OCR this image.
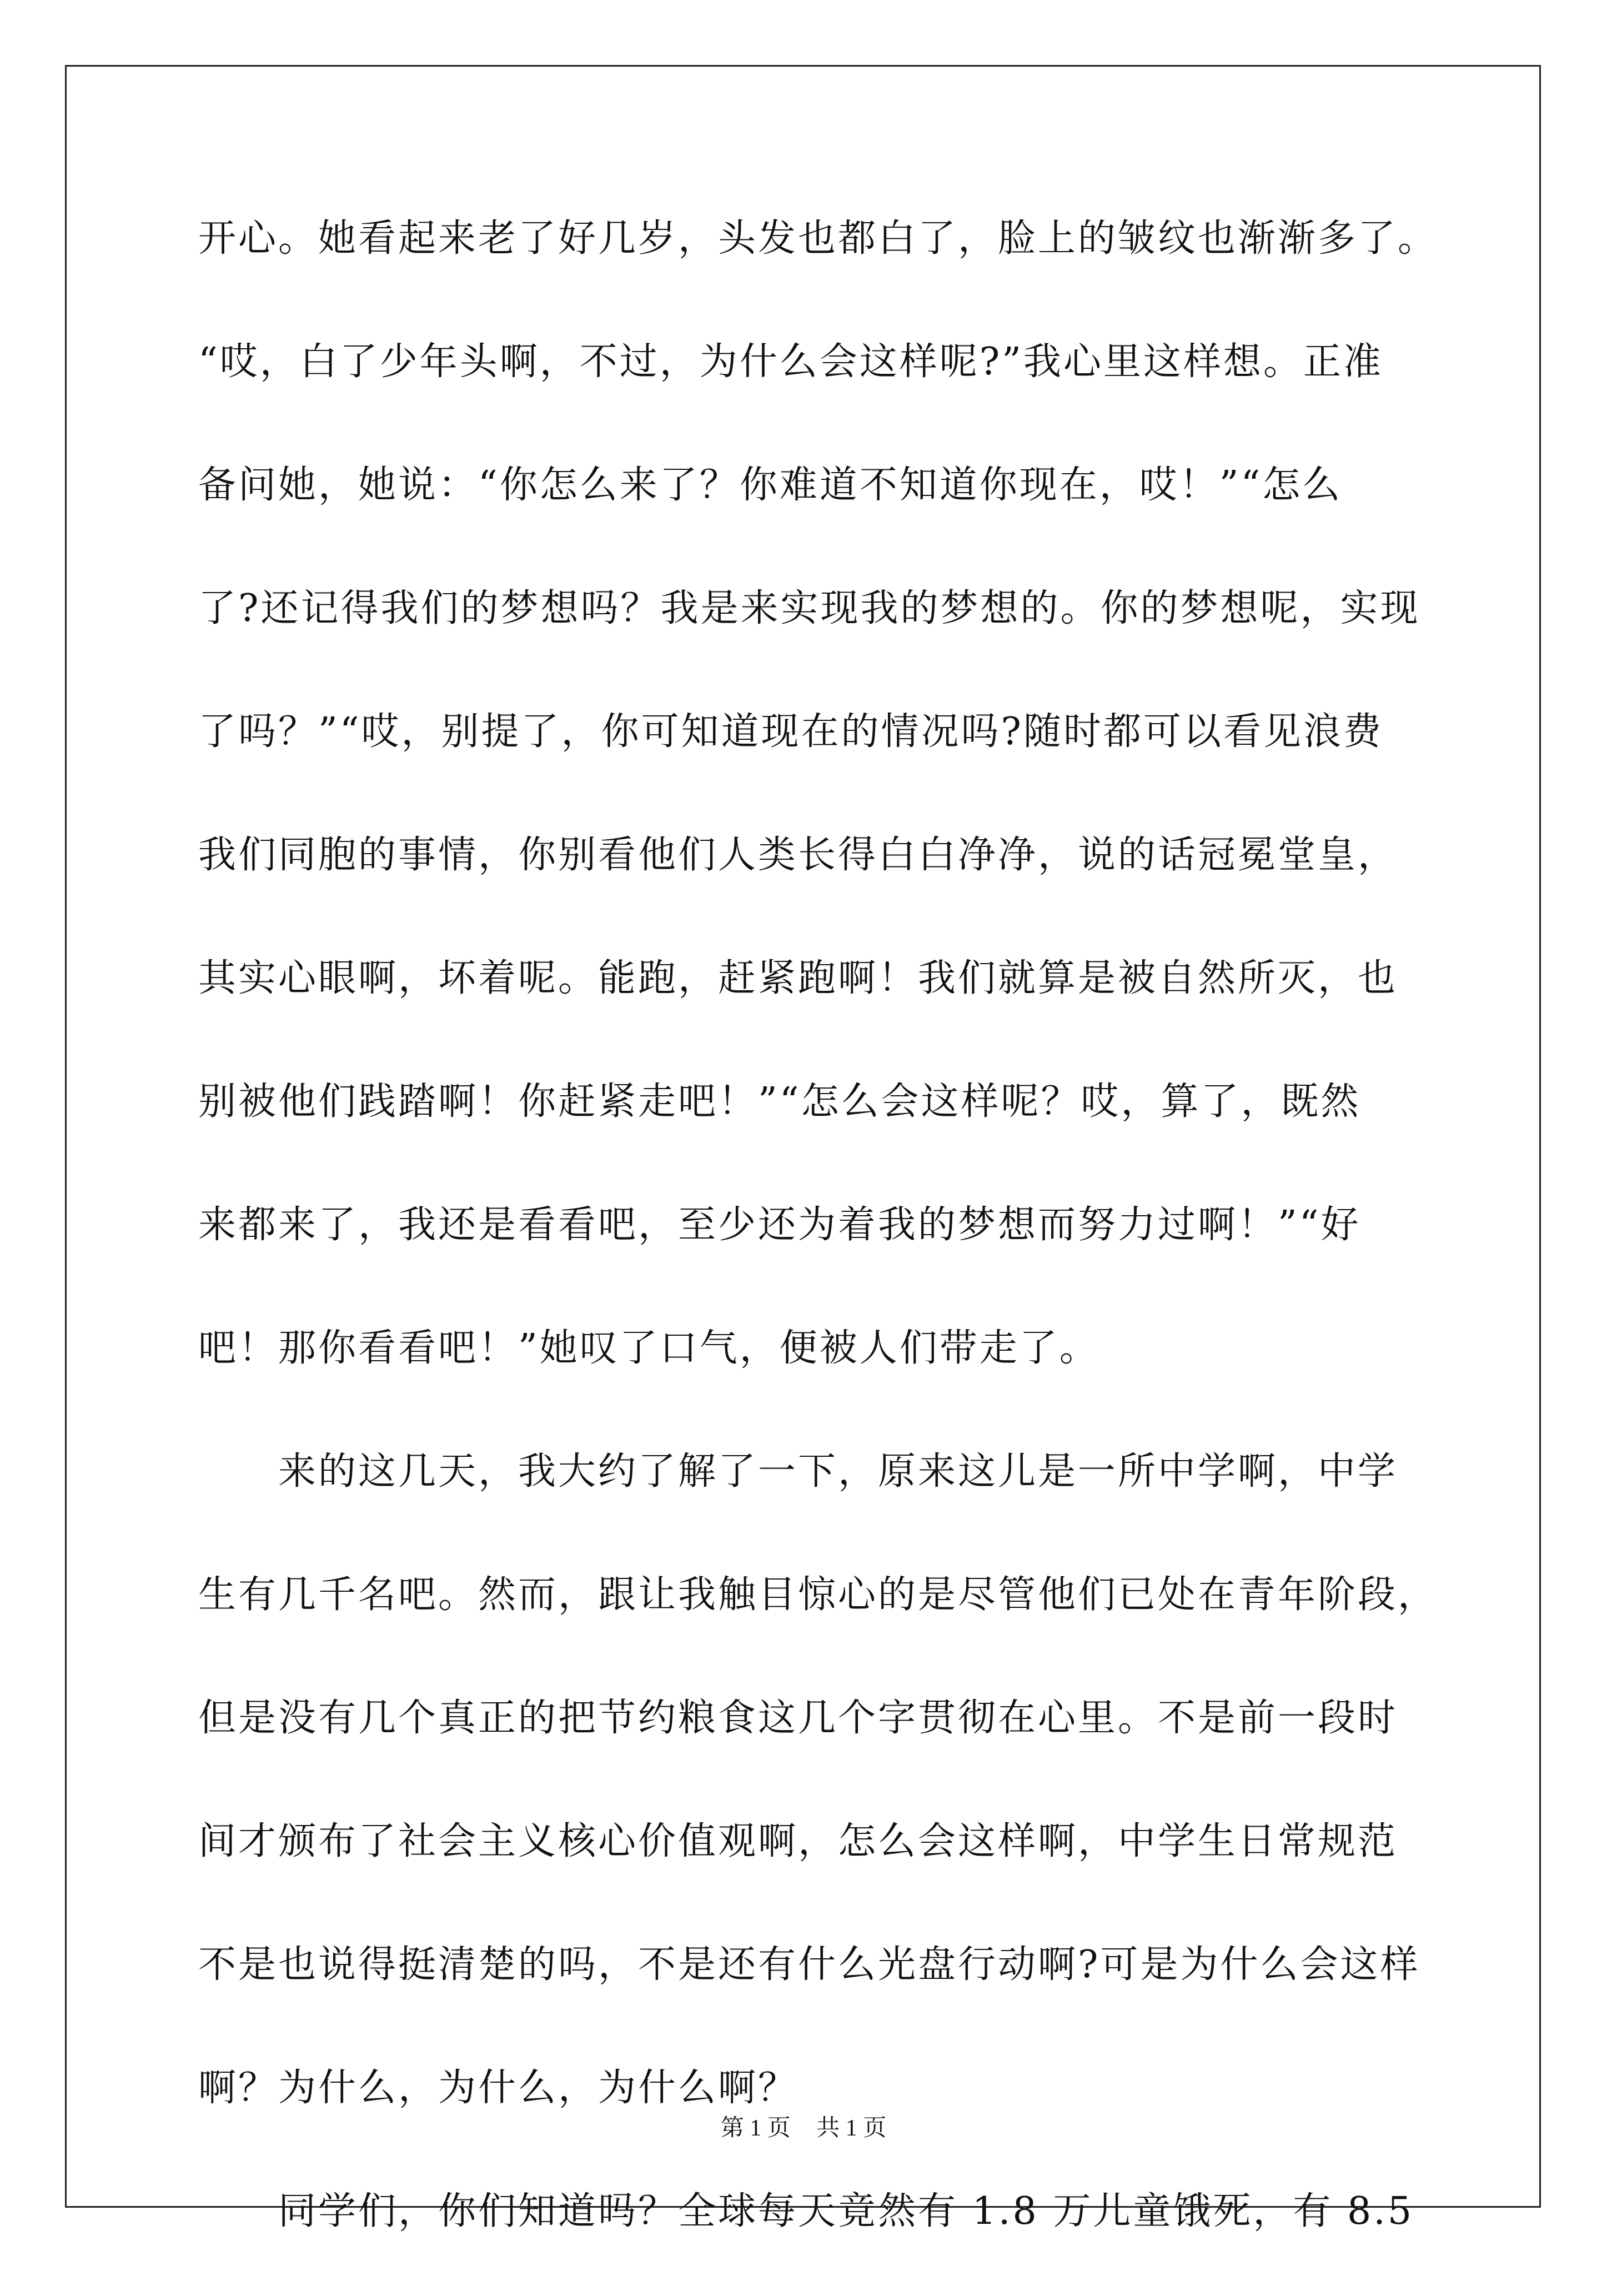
开心。她看起来老了好几岁，头发也都白了，脸上的皱纹也渐渐多了。
“哎，白了少年头啊，不过，为什么会这样呢?”我心里这样想。正准
备问她，她说：“你怎么来了？你难道不知道你现在，哎！”“怎么
了?还记得我们的梦想吗？我是来实现我的梦想的。你的梦想呢，实现
了吗？”“哎，别提了，你可知道现在的情况吗?随时都可以看见浪费
我们同胞的事情，你别看他们人类长得白白净净，说的话冠冕堂皇，
其实心眼啊，坏着呢。能跑，赶紧跑啊！我们就算是被自然所灭，也
别被他们践踏啊！你赶紧走吧！”“怎么会这样呢？哎，算了，既然
来都来了，我还是看看吧，至少还为着我的梦想而努力过啊！”“好
吧！那你看看吧！”她叹了口气，便被人们带走了。
　　来的这几天，我大约了解了一下，原来这儿是一所中学啊，中学
生有几千名吧。然而，跟让我触目惊心的是尽管他们已处在青年阶段，
但是没有几个真正的把节约粮食这几个字贯彻在心里。不是前一段时
间才颁布了社会主义核心价值观啊，怎么会这样啊，中学生日常规范
不是也说得挺清楚的吗，不是还有什么光盘行动啊?可是为什么会这样
啊？为什么，为什么，为什么啊？
　　同学们，你们知道吗？全球每天竟然有 1.8 万儿童饿死，有 8.5
第 1 页 共 1 页
